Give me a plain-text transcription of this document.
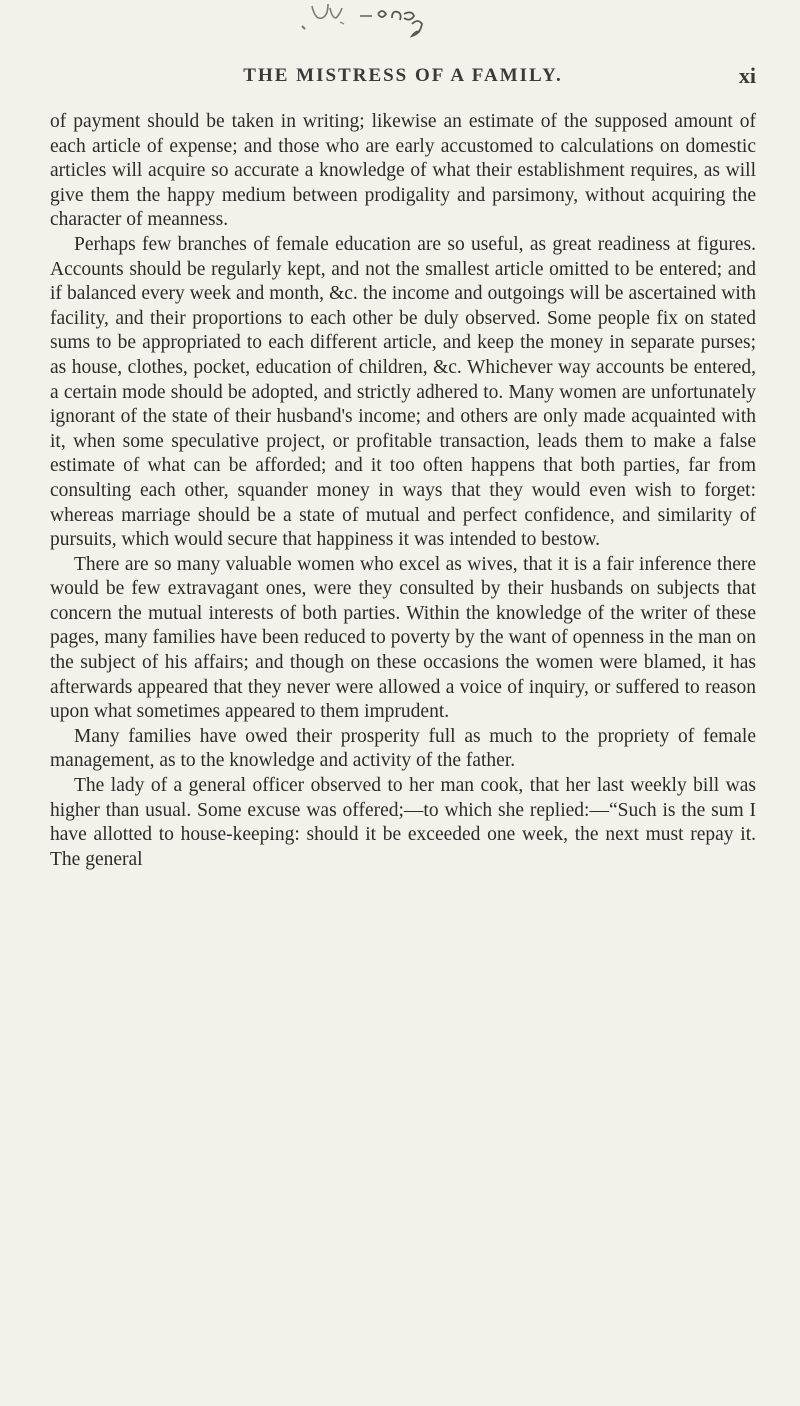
THE MISTRESS OF A FAMILY.	xi

of payment should be taken in writing; likewise an estimate of the supposed amount of each article of expense; and those who are early accustomed to calculations on domestic articles will acquire so accurate a knowledge of what their establishment requires, as will give them the happy medium between prodigality and parsimony, without acquiring the character of meanness.

Perhaps few branches of female education are so useful, as great readiness at figures. Accounts should be regularly kept, and not the smallest article omitted to be entered; and if balanced every week and month, &c. the income and outgoings will be ascertained with facility, and their proportions to each other be duly observed. Some people fix on stated sums to be appropriated to each different article, and keep the money in separate purses; as house, clothes, pocket, education of children, &c. Whichever way accounts be entered, a certain mode should be adopted, and strictly adhered to. Many women are unfortunately ignorant of the state of their husband's income; and others are only made acquainted with it, when some speculative project, or profitable transaction, leads them to make a false estimate of what can be afforded; and it too often happens that both parties, far from consulting each other, squander money in ways that they would even wish to forget: whereas marriage should be a state of mutual and perfect confidence, and similarity of pursuits, which would secure that happiness it was intended to bestow.

There are so many valuable women who excel as wives, that it is a fair inference there would be few extravagant ones, were they consulted by their husbands on subjects that concern the mutual interests of both parties. Within the knowledge of the writer of these pages, many families have been reduced to poverty by the want of openness in the man on the subject of his affairs; and though on these occasions the women were blamed, it has afterwards appeared that they never were allowed a voice of inquiry, or suffered to reason upon what sometimes appeared to them imprudent.

Many families have owed their prosperity full as much to the propriety of female management, as to the knowledge and activity of the father.

The lady of a general officer observed to her man cook, that her last weekly bill was higher than usual. Some excuse was offered;—to which she replied:—“Such is the sum I have allotted to house-keeping: should it be exceeded one week, the next must repay it. The general
